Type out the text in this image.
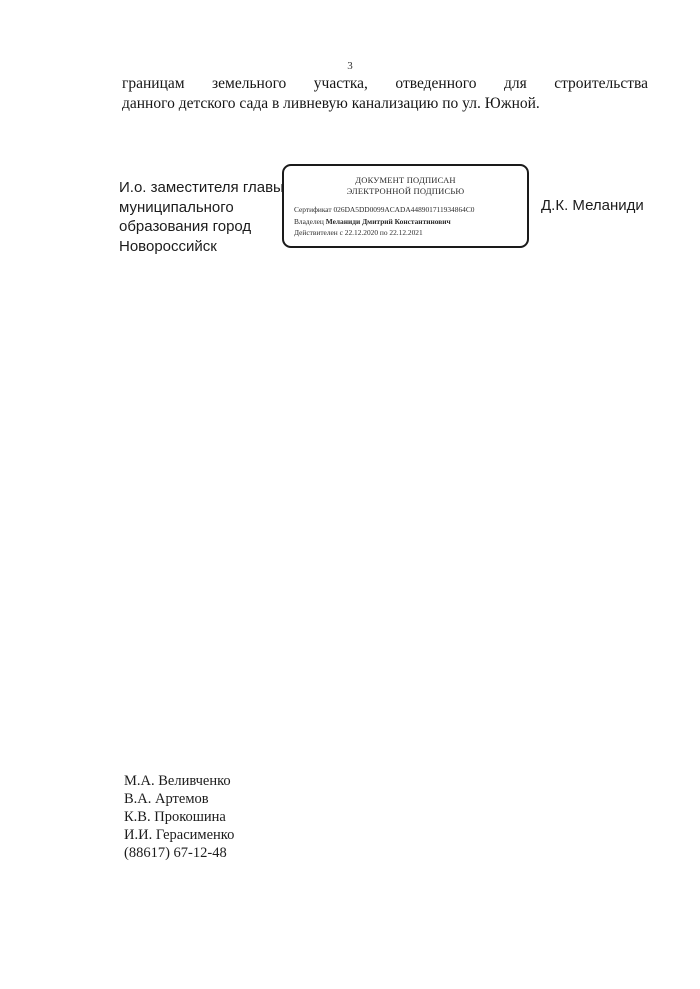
3
границам земельного участка, отведенного для строительства
данного детского сада в ливневую канализацию по ул. Южной.
И.о. заместителя главы
муниципального
образования город
Новороссийск
ДОКУМЕНТ ПОДПИСАН
ЭЛЕКТРОННОЙ ПОДПИСЬЮ
Сертификат 026DA5DD0099ACADA448901711934864C0
Владелец Меланиди Дмитрий Константинович
Действителен с 22.12.2020 по 22.12.2021
Д.К. Меланиди
М.А. Веливченко
В.А. Артемов
К.В. Прокошина
И.И. Герасименко
(88617) 67-12-48
